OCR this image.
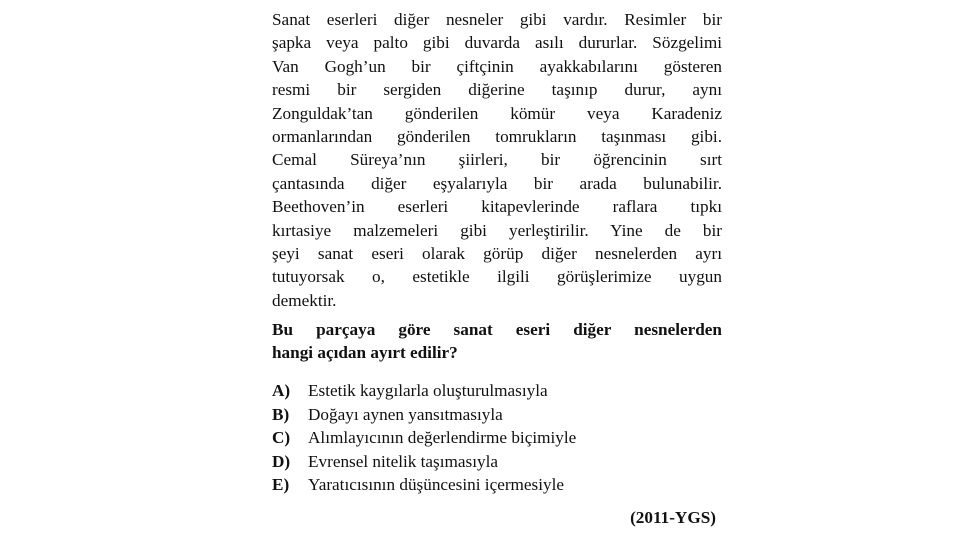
Sanat eserleri diğer nesneler gibi vardır. Resimler bir
şapka veya palto gibi duvarda asılı dururlar. Sözgelimi
Van Gogh’un bir çiftçinin ayakkabılarını gösteren
resmi bir sergiden diğerine taşınıp durur, aynı
Zonguldak’tan gönderilen kömür veya Karadeniz
ormanlarından gönderilen tomrukların taşınması gibi.
Cemal Süreya’nın şiirleri, bir öğrencinin sırt
çantasında diğer eşyalarıyla bir arada bulunabilir.
Beethoven’in eserleri kitapevlerinde raflara tıpkı
kırtasiye malzemeleri gibi yerleştirilir. Yine de bir
şeyi sanat eseri olarak görüp diğer nesnelerden ayrı
tutuyorsak o, estetikle ilgili görüşlerimize uygun
demektir.

Bu parçaya göre sanat eseri diğer nesnelerden
hangi açıdan ayırt edilir?

A)	Estetik kaygılarla oluşturulmasıyla
B)	Doğayı aynen yansıtmasıyla
C)	Alımlayıcının değerlendirme biçimiyle
D)	Evrensel nitelik taşımasıyla
E)	Yaratıcısının düşüncesini içermesiyle
(2011-YGS)
